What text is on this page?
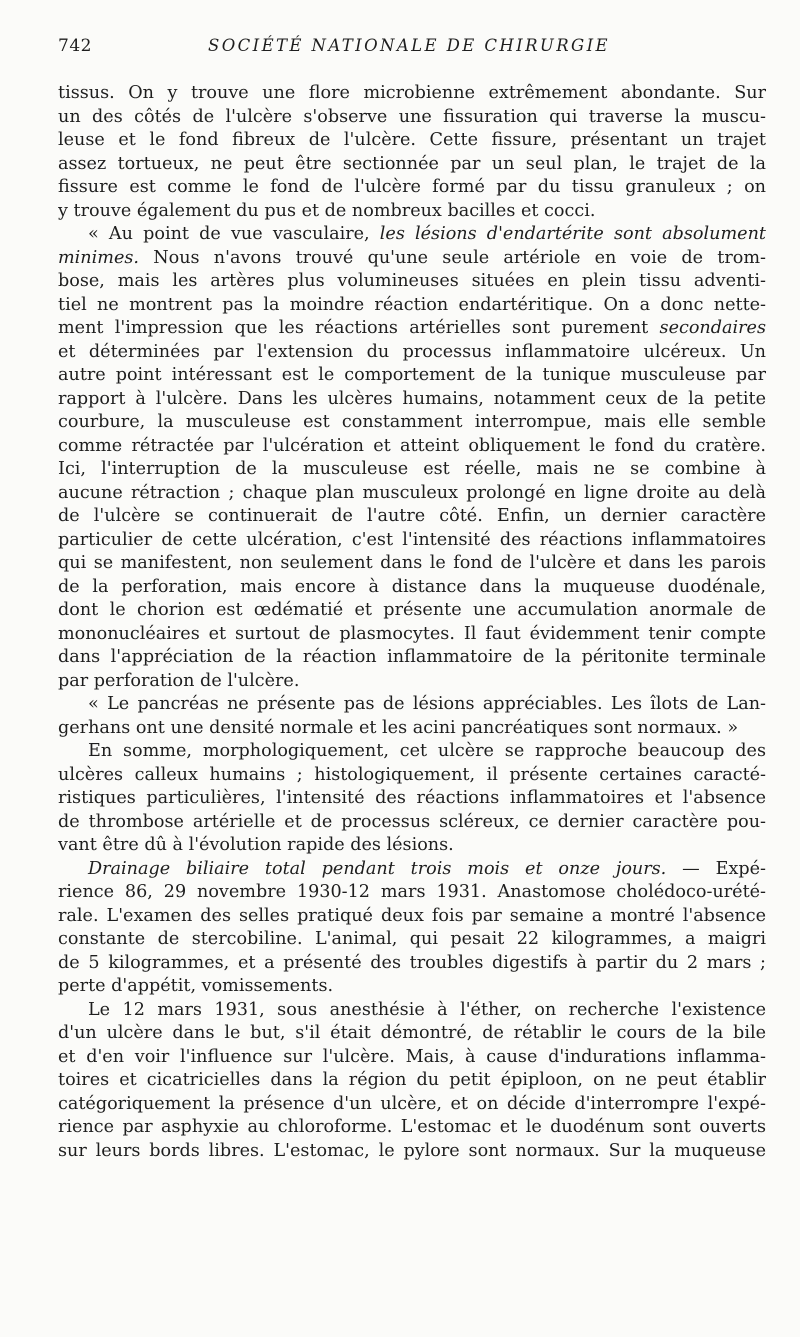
742	SOCIÉTÉ NATIONALE DE CHIRURGIE
tissus. On y trouve une flore microbienne extrêmement abondante. Sur
un des côtés de l'ulcère s'observe une fissuration qui traverse la muscu-
leuse et le fond fibreux de l'ulcère. Cette fissure, présentant un trajet
assez tortueux, ne peut être sectionnée par un seul plan, le trajet de la
fissure est comme le fond de l'ulcère formé par du tissu granuleux ; on
y trouve également du pus et de nombreux bacilles et cocci.
« Au point de vue vasculaire, les lésions d'endartérite sont absolument
minimes. Nous n'avons trouvé qu'une seule artériole en voie de trom-
bose, mais les artères plus volumineuses situées en plein tissu adventi-
tiel ne montrent pas la moindre réaction endartéritique. On a donc nette-
ment l'impression que les réactions artérielles sont purement secondaires
et déterminées par l'extension du processus inflammatoire ulcéreux. Un
autre point intéressant est le comportement de la tunique musculeuse par
rapport à l'ulcère. Dans les ulcères humains, notamment ceux de la petite
courbure, la musculeuse est constamment interrompue, mais elle semble
comme rétractée par l'ulcération et atteint obliquement le fond du cratère.
Ici, l'interruption de la musculeuse est réelle, mais ne se combine à
aucune rétraction ; chaque plan musculeux prolongé en ligne droite au delà
de l'ulcère se continuerait de l'autre côté. Enfin, un dernier caractère
particulier de cette ulcération, c'est l'intensité des réactions inflammatoires
qui se manifestent, non seulement dans le fond de l'ulcère et dans les parois
de la perforation, mais encore à distance dans la muqueuse duodénale,
dont le chorion est œdématié et présente une accumulation anormale de
mononucléaires et surtout de plasmocytes. Il faut évidemment tenir compte
dans l'appréciation de la réaction inflammatoire de la péritonite terminale
par perforation de l'ulcère.
« Le pancréas ne présente pas de lésions appréciables. Les îlots de Lan-
gerhans ont une densité normale et les acini pancréatiques sont normaux. »
En somme, morphologiquement, cet ulcère se rapproche beaucoup des
ulcères calleux humains ; histologiquement, il présente certaines caracté-
ristiques particulières, l'intensité des réactions inflammatoires et l'absence
de thrombose artérielle et de processus scléreux, ce dernier caractère pou-
vant être dû à l'évolution rapide des lésions.
Drainage biliaire total pendant trois mois et onze jours. — Expé-
rience 86, 29 novembre 1930-12 mars 1931. Anastomose cholédoco-urété-
rale. L'examen des selles pratiqué deux fois par semaine a montré l'absence
constante de stercobiline. L'animal, qui pesait 22 kilogrammes, a maigri
de 5 kilogrammes, et a présenté des troubles digestifs à partir du 2 mars ;
perte d'appétit, vomissements.
Le 12 mars 1931, sous anesthésie à l'éther, on recherche l'existence
d'un ulcère dans le but, s'il était démontré, de rétablir le cours de la bile
et d'en voir l'influence sur l'ulcère. Mais, à cause d'indurations inflamma-
toires et cicatricielles dans la région du petit épiploon, on ne peut établir
catégoriquement la présence d'un ulcère, et on décide d'interrompre l'expé-
rience par asphyxie au chloroforme. L'estomac et le duodénum sont ouverts
sur leurs bords libres. L'estomac, le pylore sont normaux. Sur la muqueuse
